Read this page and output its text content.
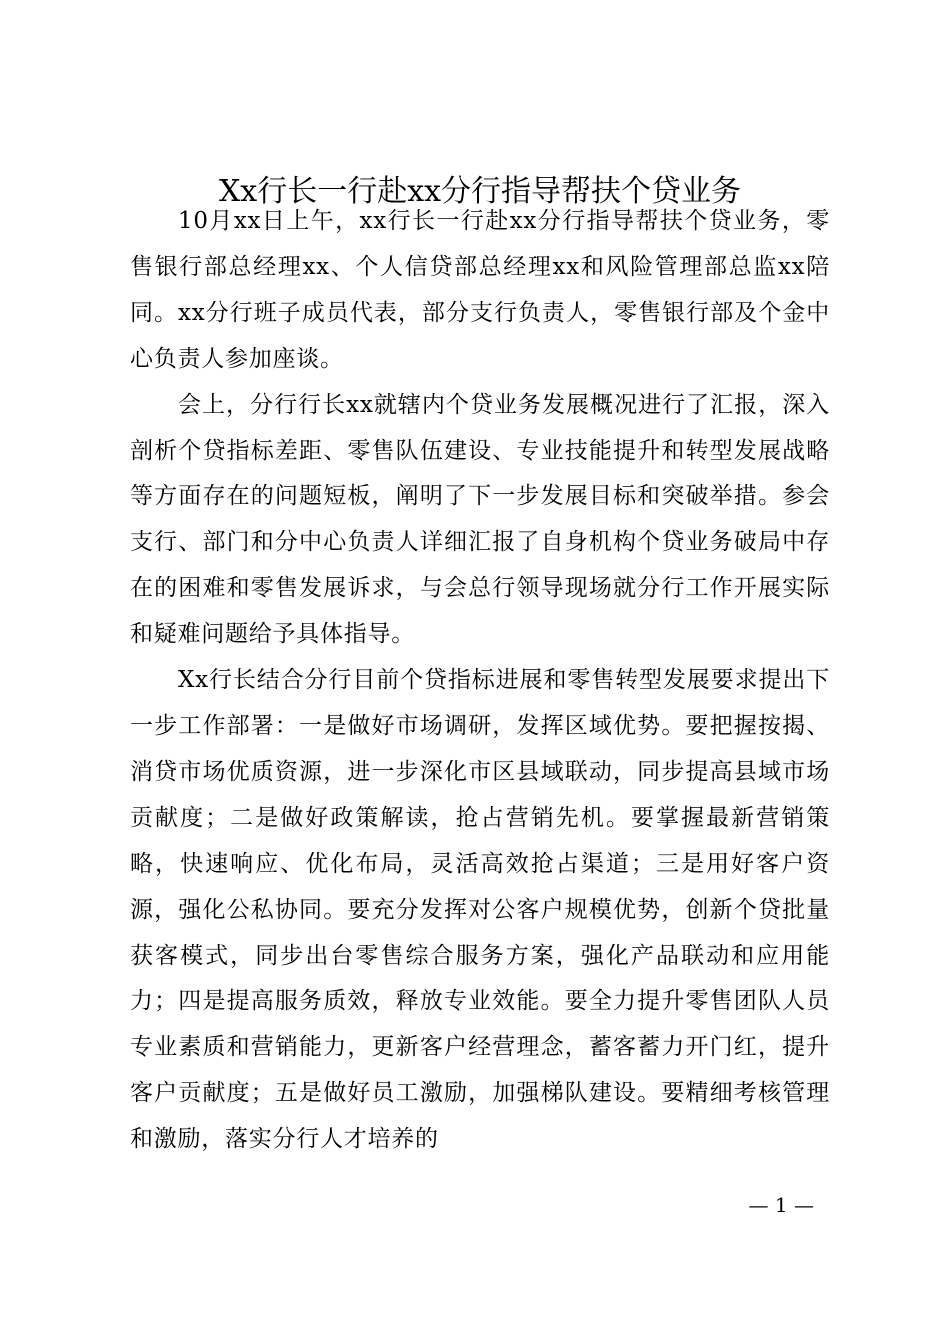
Xx行长一行赴xx分行指导帮扶个贷业务

10月xx日上午，xx行长一行赴xx分行指导帮扶个贷业务，零售银行部总经理xx、个人信贷部总经理xx和风险管理部总监xx陪同。xx分行班子成员代表，部分支行负责人，零售银行部及个金中心负责人参加座谈。

会上，分行行长xx就辖内个贷业务发展概况进行了汇报，深入剖析个贷指标差距、零售队伍建设、专业技能提升和转型发展战略等方面存在的问题短板，阐明了下一步发展目标和突破举措。参会支行、部门和分中心负责人详细汇报了自身机构个贷业务破局中存在的困难和零售发展诉求，与会总行领导现场就分行工作开展实际和疑难问题给予具体指导。

Xx行长结合分行目前个贷指标进展和零售转型发展要求提出下一步工作部署：一是做好市场调研，发挥区域优势。要把握按揭、消贷市场优质资源，进一步深化市区县域联动，同步提高县域市场贡献度；二是做好政策解读，抢占营销先机。要掌握最新营销策略，快速响应、优化布局，灵活高效抢占渠道；三是用好客户资源，强化公私协同。要充分发挥对公客户规模优势，创新个贷批量获客模式，同步出台零售综合服务方案，强化产品联动和应用能力；四是提高服务质效，释放专业效能。要全力提升零售团队人员专业素质和营销能力，更新客户经营理念，蓄客蓄力开门红，提升客户贡献度；五是做好员工激励，加强梯队建设。要精细考核管理和激励，落实分行人才培养的

— 1 —
